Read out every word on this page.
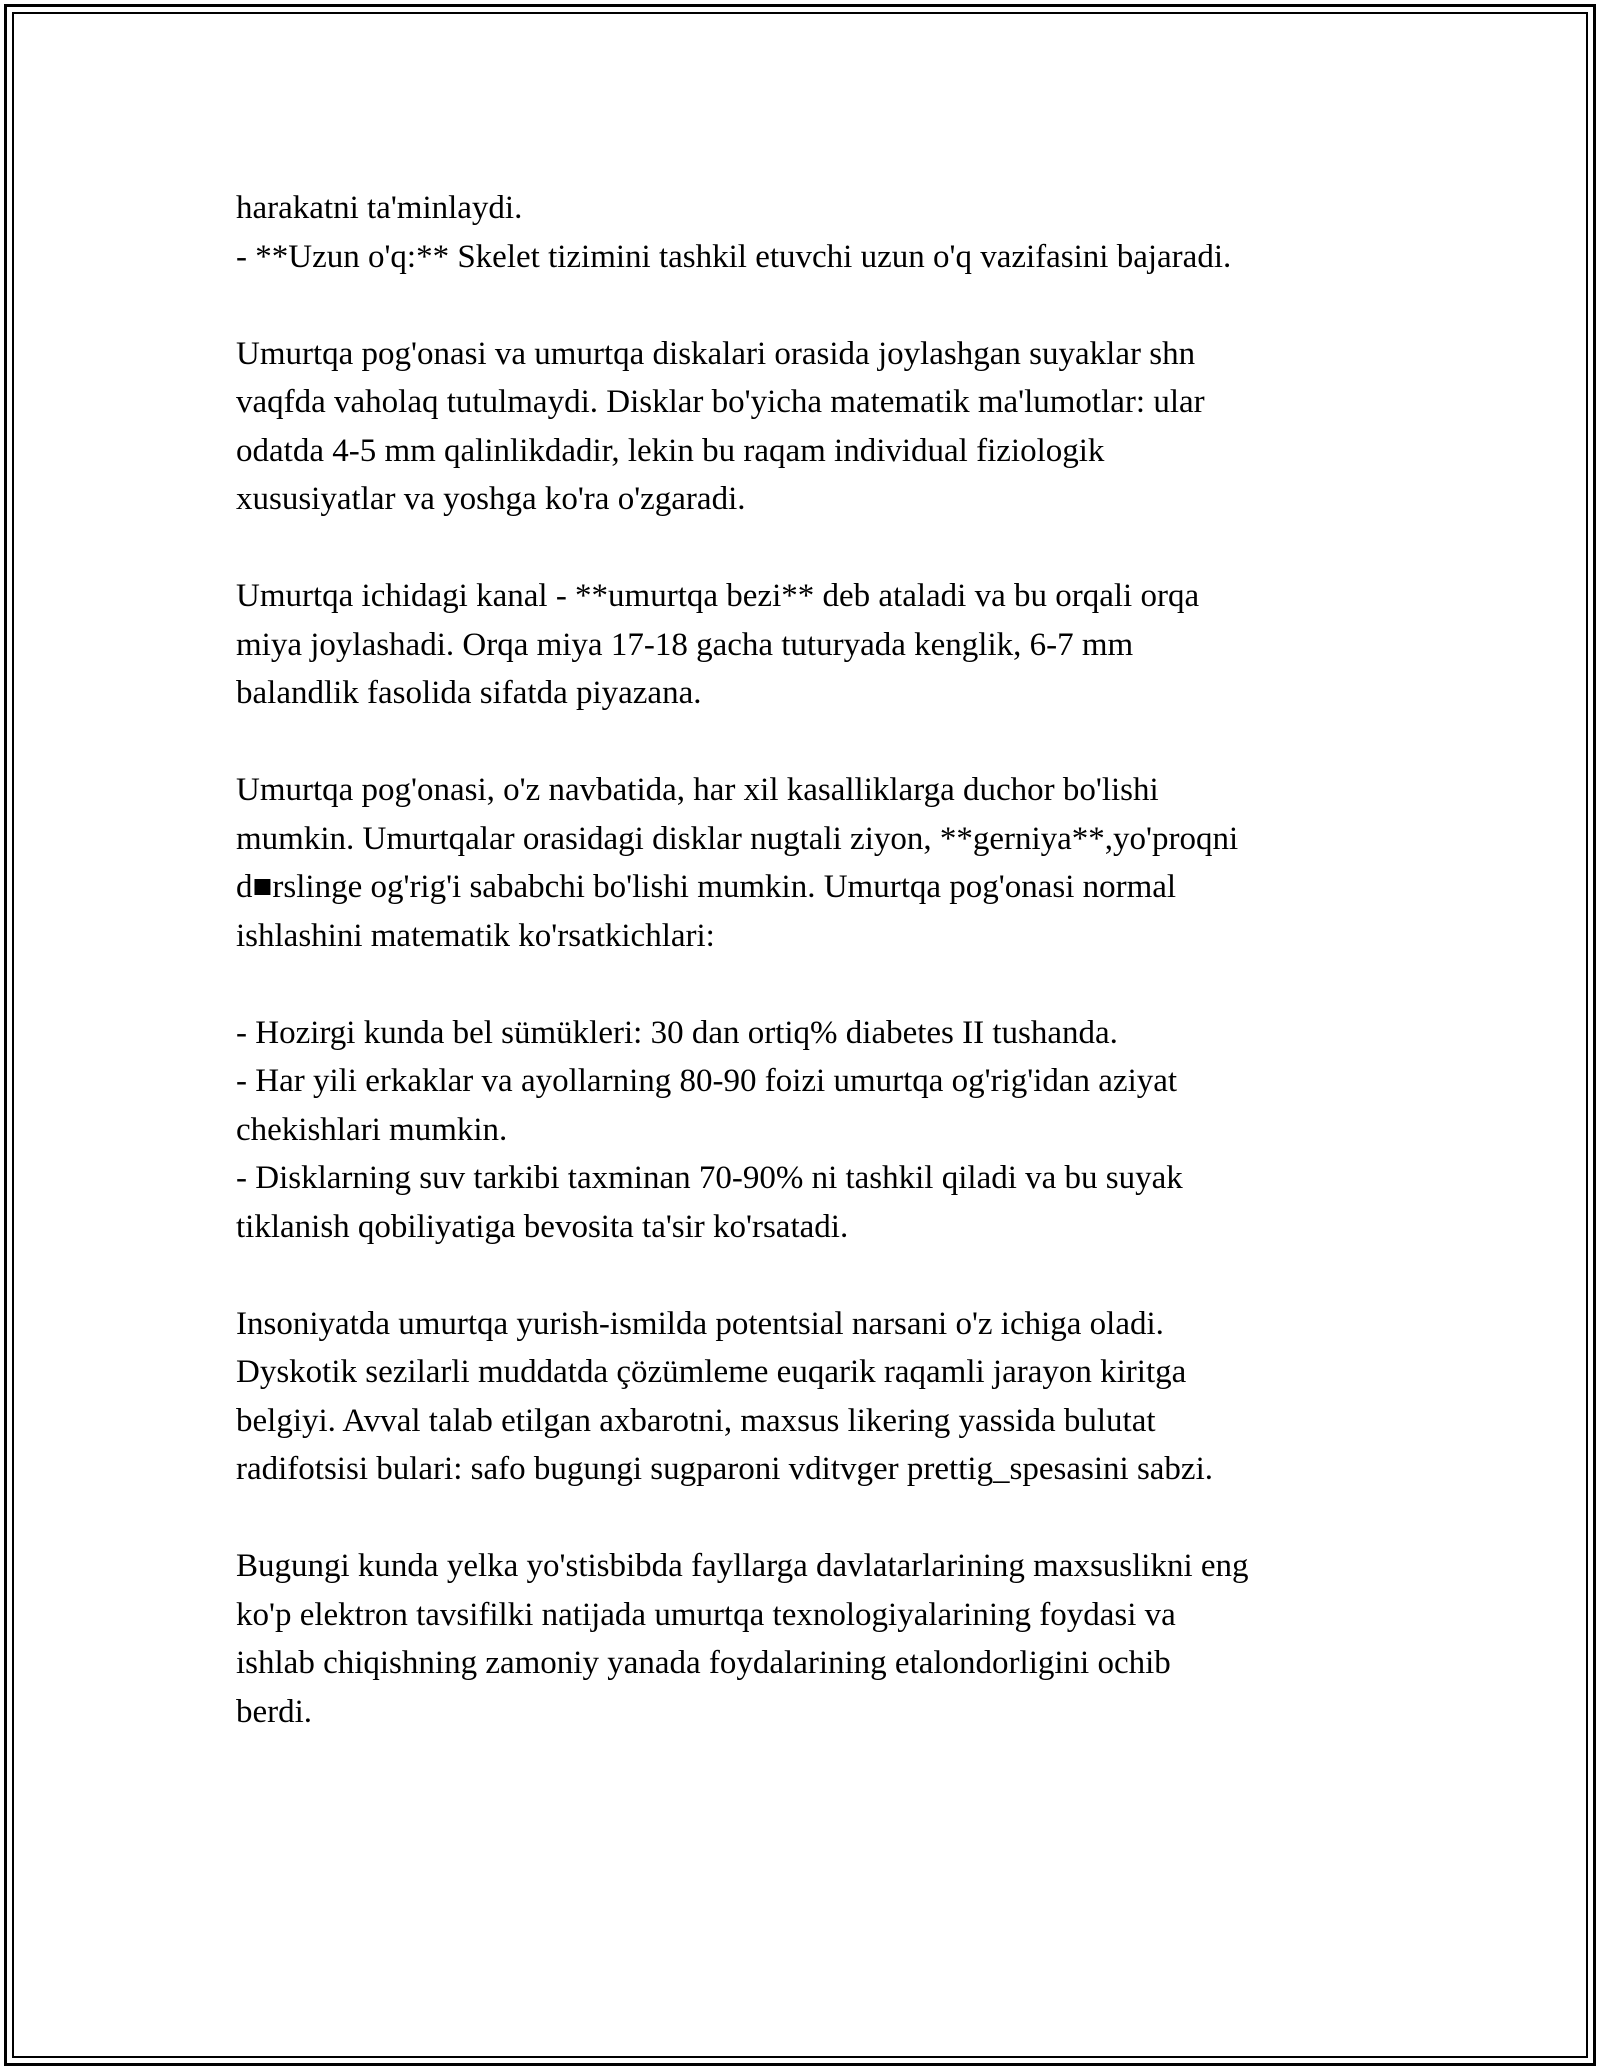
harakatni ta'minlaydi.
- **Uzun o'q:** Skelet tizimini tashkil etuvchi uzun o'q vazifasini bajaradi.

Umurtqa pog'onasi va umurtqa diskalari orasida joylashgan suyaklar shn
vaqfda vaholaq tutulmaydi. Disklar bo'yicha matematik ma'lumotlar: ular
odatda 4-5 mm qalinlikdadir, lekin bu raqam individual fiziologik
xususiyatlar va yoshga ko'ra o'zgaradi.

Umurtqa ichidagi kanal - **umurtqa bezi** deb ataladi va bu orqali orqa
miya joylashadi. Orqa miya 17-18 gacha tuturyada kenglik, 6-7 mm
balandlik fasolida sifatda piyazana.

Umurtqa pog'onasi, o'z navbatida, har xil kasalliklarga duchor bo'lishi
mumkin. Umurtqalar orasidagi disklar nugtali ziyon, **gerniya**,yo'proqni
d■rslinge og'rig'i sababchi bo'lishi mumkin. Umurtqa pog'onasi normal
ishlashini matematik ko'rsatkichlari:

- Hozirgi kunda bel sümükleri: 30 dan ortiq% diabetes II tushanda.
- Har yili erkaklar va ayollarning 80-90 foizi umurtqa og'rig'idan aziyat
chekishlari mumkin.
- Disklarning suv tarkibi taxminan 70-90% ni tashkil qiladi va bu suyak
tiklanish qobiliyatiga bevosita ta'sir ko'rsatadi.

Insoniyatda umurtqa yurish-ismilda potentsial narsani o'z ichiga oladi.
Dyskotik sezilarli muddatda çözümleme euqarik raqamli jarayon kiritga
belgiyi. Avval talab etilgan axbarotni, maxsus likering yassida bulutat
radifotsisi bulari: safo bugungi sugparoni vditvger prettig_spesasini sabzi.

Bugungi kunda yelka yo'stisbibda fayllarga davlatarlarining maxsuslikni eng
ko'p elektron tavsifilki natijada umurtqa texnologiyalarining foydasi va
ishlab chiqishning zamoniy yanada foydalarining etalondorligini ochib
berdi.
